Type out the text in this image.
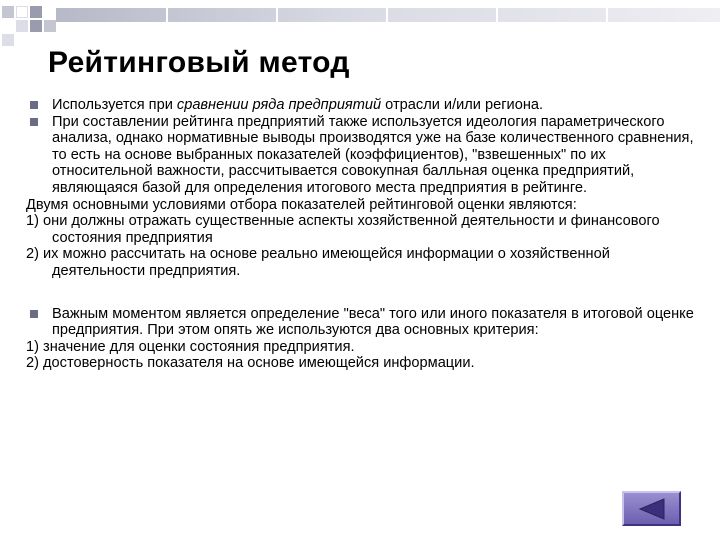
Рейтинговый метод

Используется при сравнении ряда предприятий отрасли и/или региона.

При составлении рейтинга предприятий также используется идеология параметрического анализа, однако нормативные выводы производятся уже на базе количественного сравнения, то есть на основе выбранных показателей (коэффициентов), "взвешенных" по их относительной важности, рассчитывается совокупная балльная оценка предприятий, являющаяся базой для определения итогового места предприятия в рейтинге.

Двумя основными условиями отбора показателей рейтинговой оценки являются:

1) они должны отражать существенные аспекты хозяйственной деятельности и финансового состояния предприятия

2) их можно рассчитать на основе реально имеющейся информации о хозяйственной деятельности предприятия.

Важным моментом является определение "веса" того или иного показателя в итоговой оценке предприятия. При этом опять же используются два основных критерия:

1) значение для оценки состояния предприятия.

2) достоверность показателя на основе имеющейся информации.
